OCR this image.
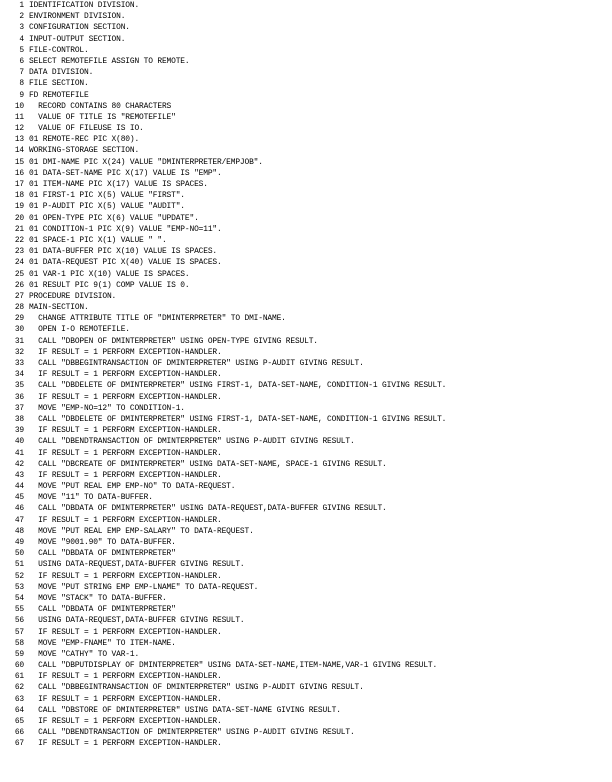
1 IDENTIFICATION DIVISION.
2 ENVIRONMENT DIVISION.
3 CONFIGURATION SECTION.
4 INPUT-OUTPUT SECTION.
5 FILE-CONTROL.
6 SELECT REMOTEFILE ASSIGN TO REMOTE.
7 DATA DIVISION.
8 FILE SECTION.
9 FD REMOTEFILE
10 RECORD CONTAINS 80 CHARACTERS
11 VALUE OF TITLE IS "REMOTEFILE"
12 VALUE OF FILEUSE IS IO.
13 01 REMOTE-REC PIC X(80).
14 WORKING-STORAGE SECTION.
15 01 DMI-NAME PIC X(24) VALUE "DMINTERPRETER/EMPJOB".
16 01 DATA-SET-NAME PIC X(17) VALUE IS "EMP".
17 01 ITEM-NAME PIC X(17) VALUE IS SPACES.
18 01 FIRST-1 PIC X(5) VALUE "FIRST".
19 01 P-AUDIT PIC X(5) VALUE "AUDIT".
20 01 OPEN-TYPE PIC X(6) VALUE "UPDATE".
21 01 CONDITION-1 PIC X(9) VALUE "EMP-NO=11".
22 01 SPACE-1 PIC X(1) VALUE " ".
23 01 DATA-BUFFER PIC X(10) VALUE IS SPACES.
24 01 DATA-REQUEST PIC X(40) VALUE IS SPACES.
25 01 VAR-1 PIC X(10) VALUE IS SPACES.
26 01 RESULT PIC 9(1) COMP VALUE IS 0.
27 PROCEDURE DIVISION.
28 MAIN-SECTION.
29 CHANGE ATTRIBUTE TITLE OF "DMINTERPRETER" TO DMI-NAME.
30 OPEN I-O REMOTEFILE.
31 CALL "DBOPEN OF DMINTERPRETER" USING OPEN-TYPE GIVING RESULT.
32 IF RESULT = 1 PERFORM EXCEPTION-HANDLER.
33 CALL "DBBEGINTRANSACTION OF DMINTERPRETER" USING P-AUDIT GIVING RESULT.
34 IF RESULT = 1 PERFORM EXCEPTION-HANDLER.
35 CALL "DBDELETE OF DMINTERPRETER" USING FIRST-1, DATA-SET-NAME, CONDITION-1 GIVING RESULT.
36 IF RESULT = 1 PERFORM EXCEPTION-HANDLER.
37 MOVE "EMP-NO=12" TO CONDITION-1.
38 CALL "DBDELETE OF DMINTERPRETER" USING FIRST-1, DATA-SET-NAME, CONDITION-1 GIVING RESULT.
39 IF RESULT = 1 PERFORM EXCEPTION-HANDLER.
40 CALL "DBENDTRANSACTION OF DMINTERPRETER" USING P-AUDIT GIVING RESULT.
41 IF RESULT = 1 PERFORM EXCEPTION-HANDLER.
42 CALL "DBCREATE OF DMINTERPRETER" USING DATA-SET-NAME, SPACE-1 GIVING RESULT.
43 IF RESULT = 1 PERFORM EXCEPTION-HANDLER.
44 MOVE "PUT REAL EMP EMP-NO" TO DATA-REQUEST.
45 MOVE "11" TO DATA-BUFFER.
46 CALL "DBDATA OF DMINTERPRETER" USING DATA-REQUEST,DATA-BUFFER GIVING RESULT.
47 IF RESULT = 1 PERFORM EXCEPTION-HANDLER.
48 MOVE "PUT REAL EMP EMP-SALARY" TO DATA-REQUEST.
49 MOVE "9001.90" TO DATA-BUFFER.
50 CALL "DBDATA OF DMINTERPRETER"
51 USING DATA-REQUEST,DATA-BUFFER GIVING RESULT.
52 IF RESULT = 1 PERFORM EXCEPTION-HANDLER.
53 MOVE "PUT STRING EMP EMP-LNAME" TO DATA-REQUEST.
54 MOVE "STACK" TO DATA-BUFFER.
55 CALL "DBDATA OF DMINTERPRETER"
56 USING DATA-REQUEST,DATA-BUFFER GIVING RESULT.
57 IF RESULT = 1 PERFORM EXCEPTION-HANDLER.
58 MOVE "EMP-FNAME" TO ITEM-NAME.
59 MOVE "CATHY" TO VAR-1.
60 CALL "DBPUTDISPLAY OF DMINTERPRETER" USING DATA-SET-NAME,ITEM-NAME,VAR-1 GIVING RESULT.
61 IF RESULT = 1 PERFORM EXCEPTION-HANDLER.
62 CALL "DBBEGINTRANSACTION OF DMINTERPRETER" USING P-AUDIT GIVING RESULT.
63 IF RESULT = 1 PERFORM EXCEPTION-HANDLER.
64 CALL "DBSTORE OF DMINTERPRETER" USING DATA-SET-NAME GIVING RESULT.
65 IF RESULT = 1 PERFORM EXCEPTION-HANDLER.
66 CALL "DBENDTRANSACTION OF DMINTERPRETER" USING P-AUDIT GIVING RESULT.
67 IF RESULT = 1 PERFORM EXCEPTION-HANDLER.
